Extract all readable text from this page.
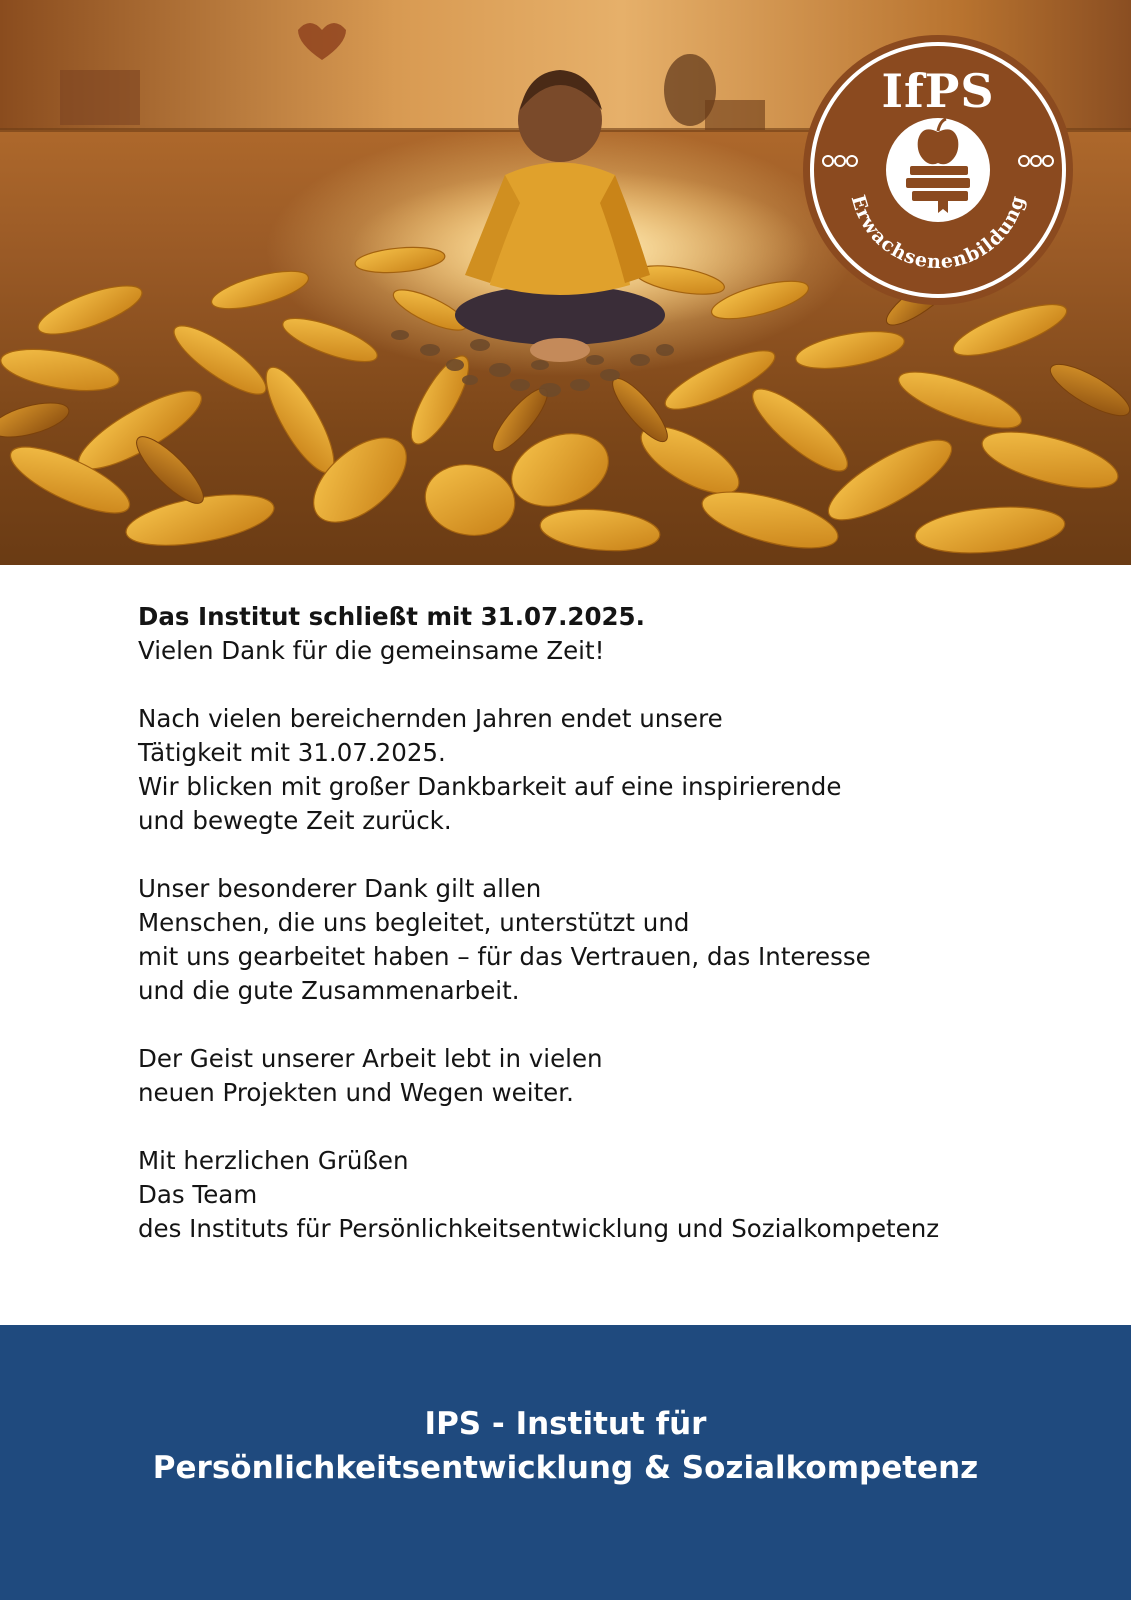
Erwachsenenbildung
IfPS
Das Institut schließt mit 31.07.2025.
Vielen Dank für die gemeinsame Zeit!
Nach vielen bereichernden Jahren endet unsere
Tätigkeit mit 31.07.2025.
Wir blicken mit großer Dankbarkeit auf eine inspirierende
und bewegte Zeit zurück.
Unser besonderer Dank gilt allen
Menschen, die uns begleitet, unterstützt und
mit uns gearbeitet haben – für das Vertrauen, das Interesse
und die gute Zusammenarbeit.
Der Geist unserer Arbeit lebt in vielen
neuen Projekten und Wegen weiter.
Mit herzlichen Grüßen
Das Team
des Instituts für Persönlichkeitsentwicklung und Sozialkompetenz
IPS - Institut für
Persönlichkeitsentwicklung & Sozialkompetenz
